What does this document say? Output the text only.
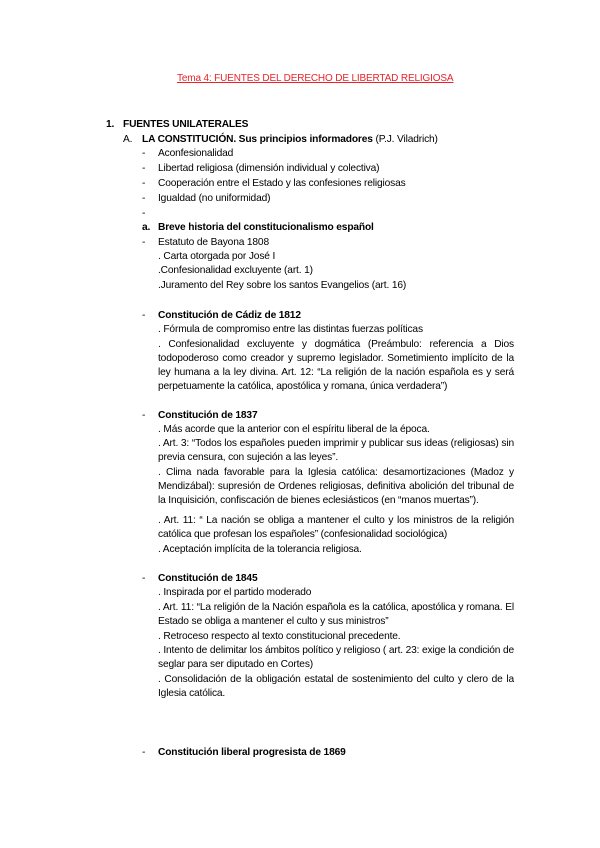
Tema 4: FUENTES DEL DERECHO DE LIBERTAD RELIGIOSA
1. FUENTES UNILATERALES
A. LA CONSTITUCIÓN. Sus principios informadores (P.J. Viladrich)
- Aconfesionalidad
- Libertad religiosa (dimensión individual y colectiva)
- Cooperación entre el Estado y las confesiones religiosas
- Igualdad (no uniformidad)
-
a. Breve historia del constitucionalismo español
- Estatuto de Bayona 1808
. Carta otorgada por José I
.Confesionalidad excluyente (art. 1)
.Juramento del Rey sobre los santos Evangelios (art. 16)
- Constitución de Cádiz de 1812
. Fórmula de compromiso entre las distintas fuerzas políticas
. Confesionalidad excluyente y dogmática (Preámbulo: referencia a Dios todopoderoso como creador y supremo legislador. Sometimiento implícito de la ley humana a la ley divina. Art. 12: “La religión de la nación española es y será perpetuamente la católica, apostólica y romana, única verdadera”)
- Constitución de 1837
. Más acorde que la anterior con el espíritu liberal de la época.
. Art. 3: “Todos los españoles pueden imprimir y publicar sus ideas (religiosas) sin previa censura, con sujeción a las leyes”.
. Clima nada favorable para la Iglesia católica: desamortizaciones (Madoz y Mendizábal): supresión de Ordenes religiosas, definitiva abolición del tribunal de la Inquisición, confiscación de bienes eclesiásticos (en “manos muertas”).
. Art. 11: “ La nación se obliga a mantener el culto y los ministros de la religión católica que profesan los españoles” (confesionalidad sociológica)
. Aceptación implícita de la tolerancia religiosa.
- Constitución de 1845
. Inspirada por el partido moderado
. Art. 11: “La religión de la Nación española es la católica, apostólica y romana. El Estado se obliga a mantener el culto y sus ministros”
. Retroceso respecto al texto constitucional precedente.
. Intento de delimitar los ámbitos político y religioso ( art. 23: exige la condición de seglar para ser diputado en Cortes)
. Consolidación de la obligación estatal de sostenimiento del culto y clero de la Iglesia católica.
- Constitución liberal progresista de 1869
